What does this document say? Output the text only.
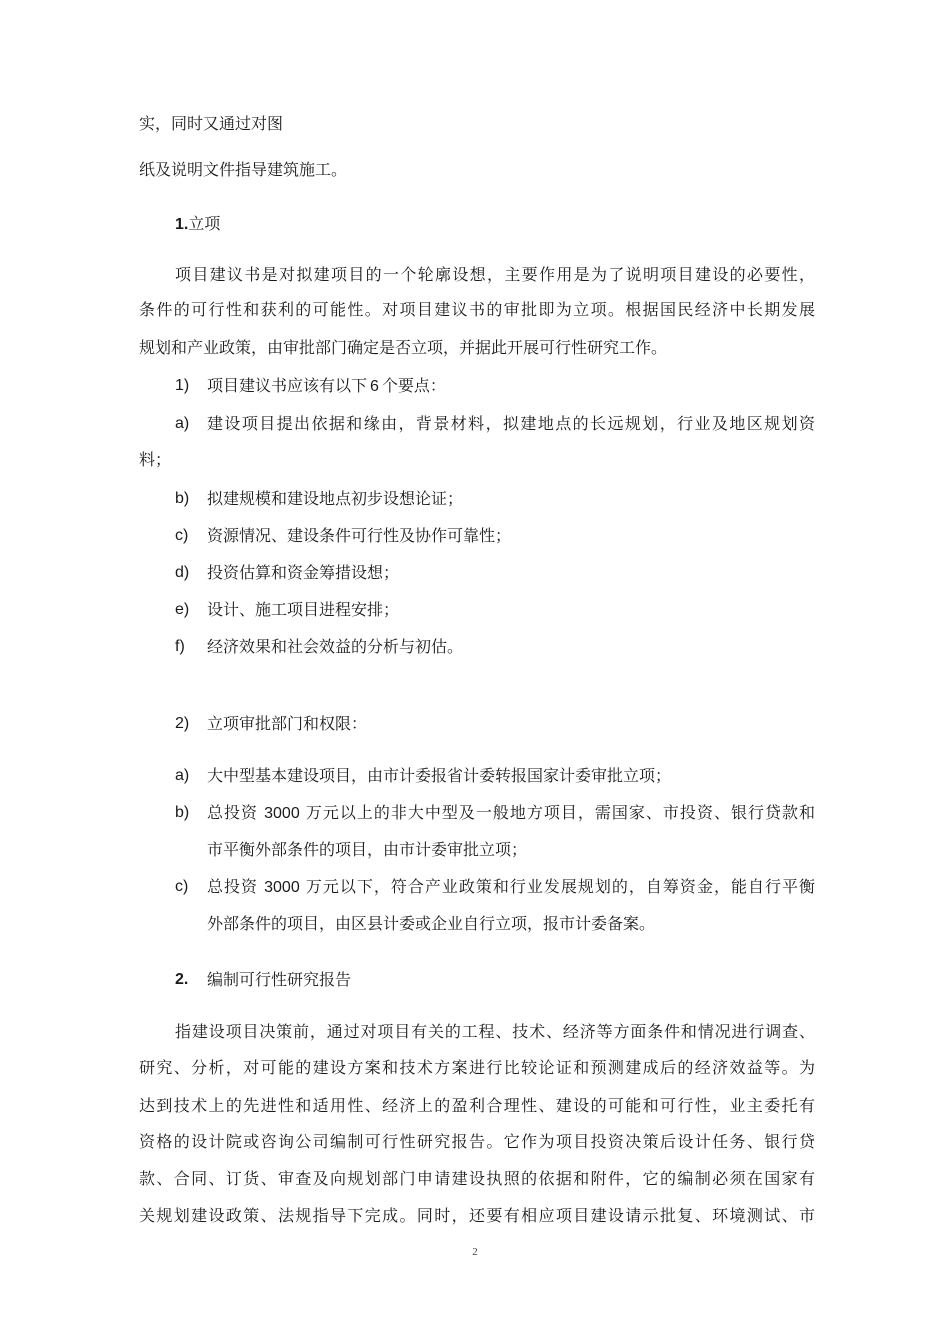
实，同时又通过对图
纸及说明文件指导建筑施工。
1.立项
项目建议书是对拟建项目的一个轮廓设想，主要作用是为了说明项目建设的必要性，
条件的可行性和获利的可能性。对项目建议书的审批即为立项。根据国民经济中长期发展
规划和产业政策，由审批部门确定是否立项，并据此开展可行性研究工作。
1) 项目建议书应该有以下 6 个要点：
a) 建设项目提出依据和缘由，背景材料，拟建地点的长远规划，行业及地区规划资
料；
b) 拟建规模和建设地点初步设想论证；
c) 资源情况、建设条件可行性及协作可靠性；
d) 投资估算和资金筹措设想；
e) 设计、施工项目进程安排；
f) 经济效果和社会效益的分析与初估。
2) 立项审批部门和权限：
a) 大中型基本建设项目，由市计委报省计委转报国家计委审批立项；
b) 总投资 3000 万元以上的非大中型及一般地方项目，需国家、市投资、银行贷款和
市平衡外部条件的项目，由市计委审批立项；
c) 总投资 3000 万元以下，符合产业政策和行业发展规划的，自筹资金，能自行平衡
外部条件的项目，由区县计委或企业自行立项，报市计委备案。
2. 编制可行性研究报告
指建设项目决策前，通过对项目有关的工程、技术、经济等方面条件和情况进行调查、
研究、分析，对可能的建设方案和技术方案进行比较论证和预测建成后的经济效益等。为
达到技术上的先进性和适用性、经济上的盈利合理性、建设的可能和可行性，业主委托有
资格的设计院或咨询公司编制可行性研究报告。它作为项目投资决策后设计任务、银行贷
款、合同、订货、审查及向规划部门申请建设执照的依据和附件，它的编制必须在国家有
关规划建设政策、法规指导下完成。同时，还要有相应项目建设请示批复、环境测试、市
2
